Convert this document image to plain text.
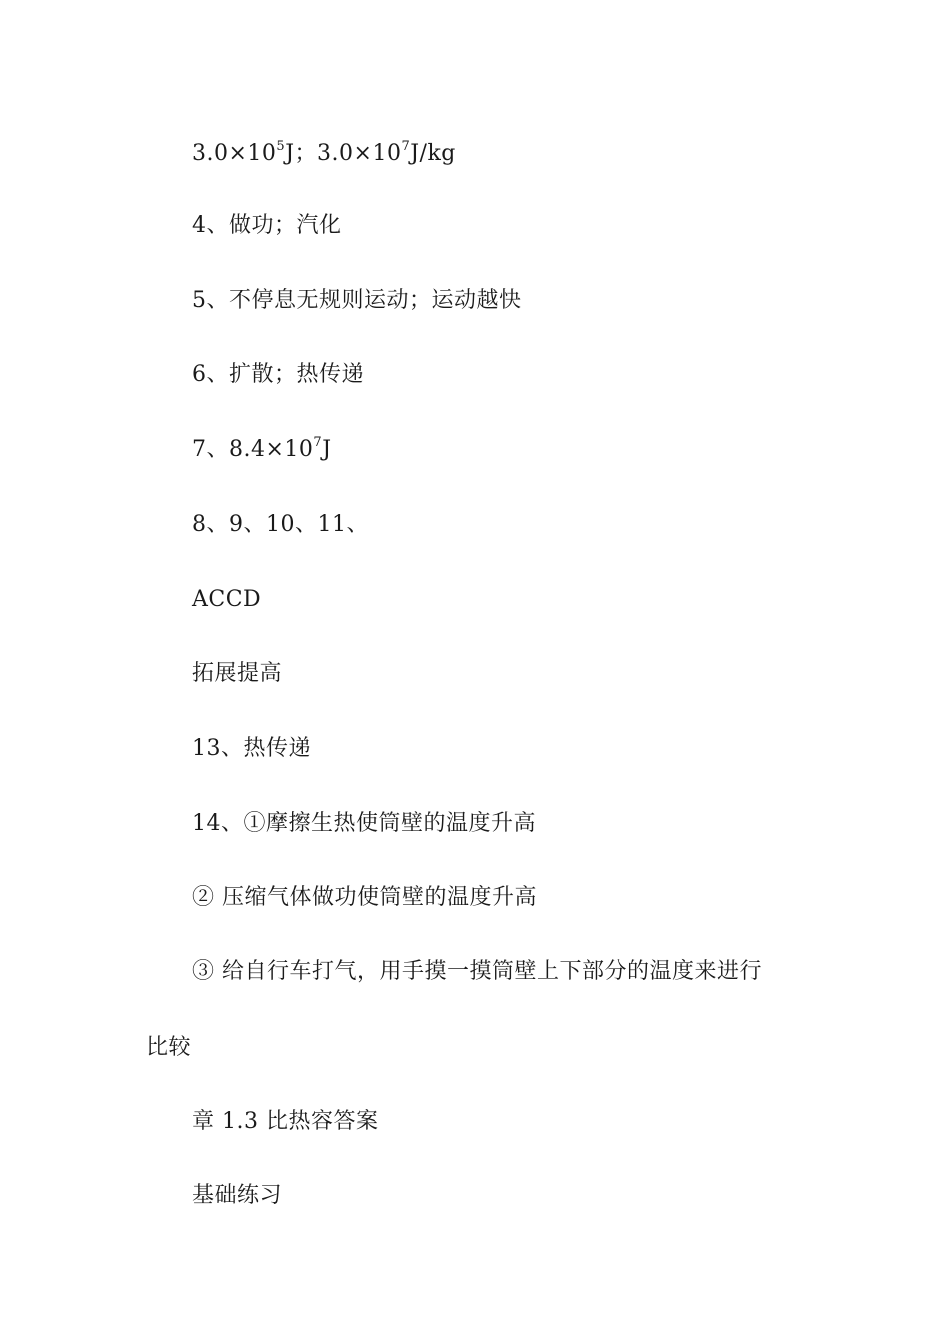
$3.0\times 10^5J$；$3.0\times 10^7J/kg$
4、做功；汽化
5、不停息无规则运动；运动越快
6、扩散；热传递
7、$8.4\times 10^7J$
8、9、10、11、
ACCD
拓展提高
13、热传递
14、①摩擦生热使筒壁的温度升高
② 压缩气体做功使筒壁的温度升高
③ 给自行车打气，用手摸一摸筒壁上下部分的温度来进行
比较
章 1.3 比热容答案
基础练习
